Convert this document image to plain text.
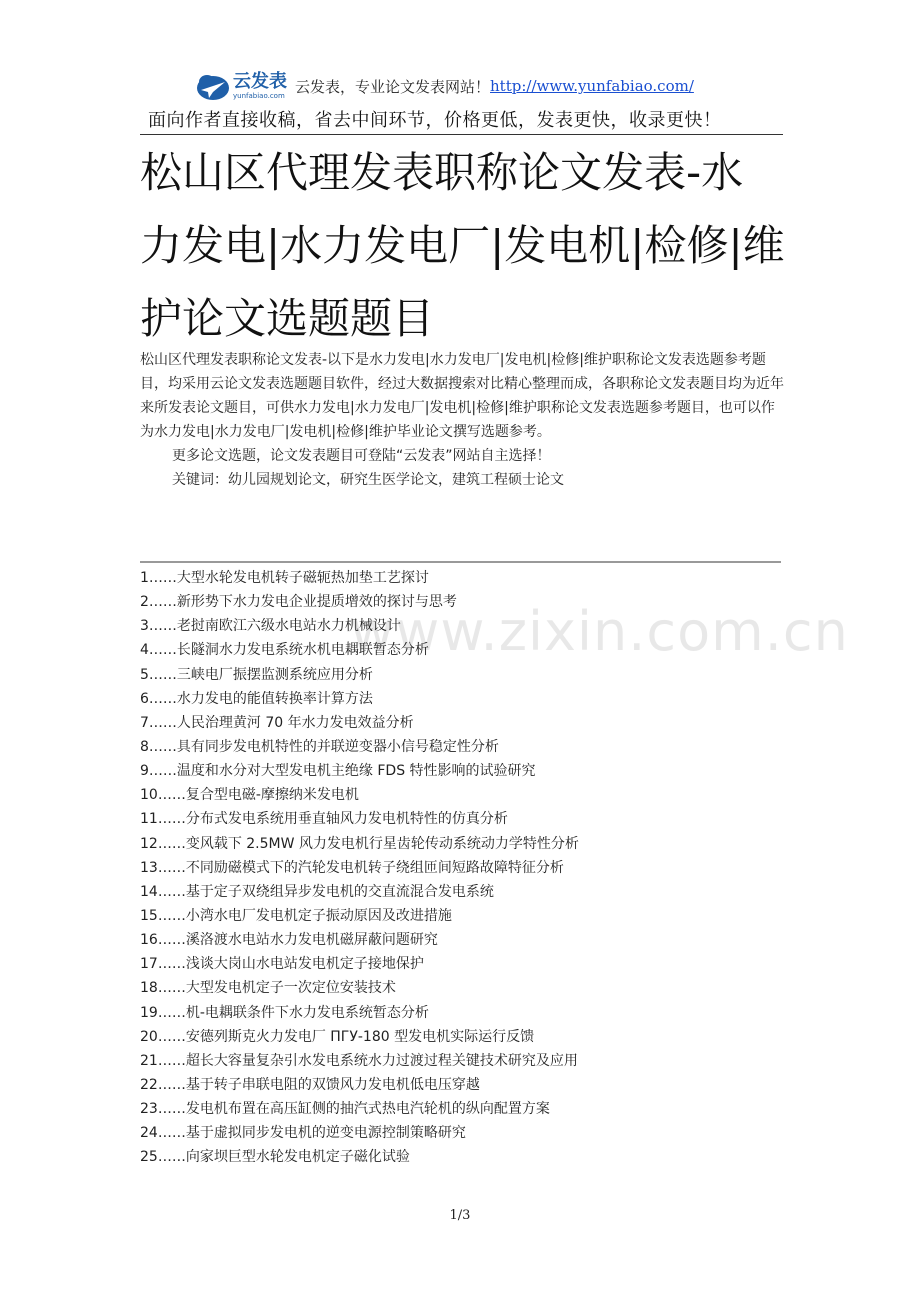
云发表
yunfabiao.com 云发表，专业论文发表网站！ http://www.yunfabiao.com/
面向作者直接收稿，省去中间环节，价格更低，发表更快，收录更快！
松山区代理发表职称论文发表-水力发电|水力发电厂|发电机|检修|维护论文选题题目

松山区代理发表职称论文发表-以下是水力发电|水力发电厂|发电机|检修|维护职称论文发表选题参考题目，均采用云论文发表选题题目软件，经过大数据搜索对比精心整理而成，各职称论文发表题目均为近年来所发表论文题目，可供水力发电|水力发电厂|发电机|检修|维护职称论文发表选题参考题目，也可以作为水力发电|水力发电厂|发电机|检修|维护毕业论文撰写选题参考。

更多论文选题，论文发表题目可登陆“云发表”网站自主选择！

关键词：幼儿园规划论文，研究生医学论文，建筑工程硕士论文

www.zixin.com.cn
1……大型水轮发电机转子磁轭热加垫工艺探讨
2……新形势下水力发电企业提质增效的探讨与思考
3……老挝南欧江六级水电站水力机械设计
4……长隧洞水力发电系统水机电耦联暂态分析
5……三峡电厂振摆监测系统应用分析
6……水力发电的能值转换率计算方法
7……人民治理黄河 70 年水力发电效益分析
8……具有同步发电机特性的并联逆变器小信号稳定性分析
9……温度和水分对大型发电机主绝缘 FDS 特性影响的试验研究
10……复合型电磁-摩擦纳米发电机
11……分布式发电系统用垂直轴风力发电机特性的仿真分析
12……变风载下 2.5MW 风力发电机行星齿轮传动系统动力学特性分析
13……不同励磁模式下的汽轮发电机转子绕组匝间短路故障特征分析
14……基于定子双绕组异步发电机的交直流混合发电系统
15……小湾水电厂发电机定子振动原因及改进措施
16……溪洛渡水电站水力发电机磁屏蔽问题研究
17……浅谈大岗山水电站发电机定子接地保护
18……大型发电机定子一次定位安装技术
19……机-电耦联条件下水力发电系统暂态分析
20……安德列斯克火力发电厂 ПГУ-180 型发电机实际运行反馈
21……超长大容量复杂引水发电系统水力过渡过程关键技术研究及应用
22……基于转子串联电阻的双馈风力发电机低电压穿越
23……发电机布置在高压缸侧的抽汽式热电汽轮机的纵向配置方案
24……基于虚拟同步发电机的逆变电源控制策略研究
25……向家坝巨型水轮发电机定子磁化试验
1/3
